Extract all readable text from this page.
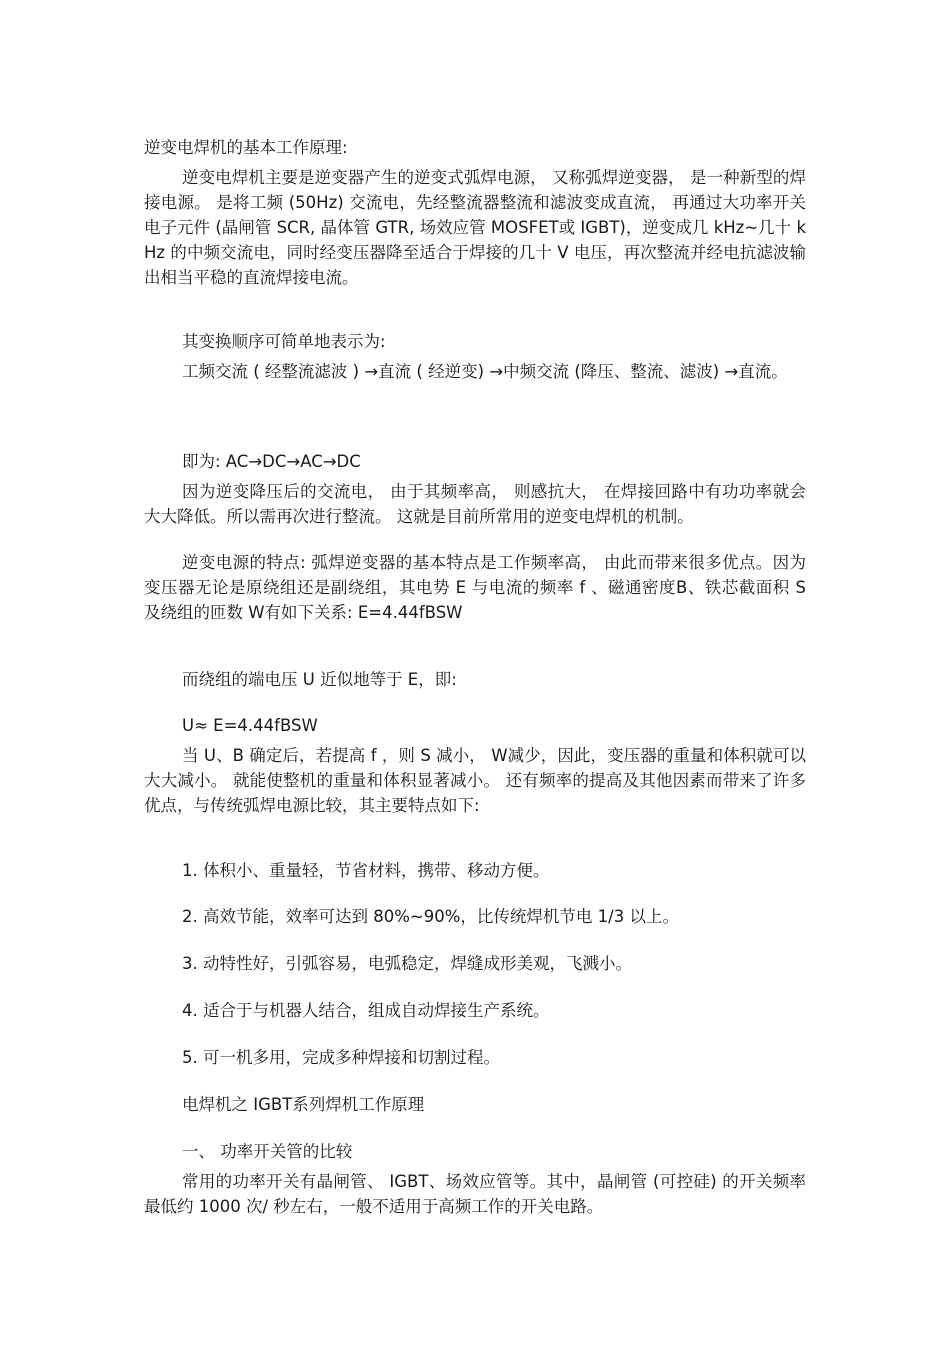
逆变电焊机的基本工作原理:

逆变电焊机主要是逆变器产生的逆变式弧焊电源， 又称弧焊逆变器， 是一种新型的焊接电源。 是将工频 (50Hz) 交流电，先经整流器整流和滤波变成直流， 再通过大功率开关电子元件 (晶闸管 SCR, 晶体管 GTR, 场效应管 MOSFET或 IGBT)，逆变成几 kHz~几十 kHz 的中频交流电，同时经变压器降至适合于焊接的几十 V 电压，再次整流并经电抗滤波输出相当平稳的直流焊接电流。

其变换顺序可简单地表示为:

工频交流 ( 经整流滤波 ) →直流 ( 经逆变) →中频交流 (降压、整流、滤波) →直流。

即为: AC→DC→AC→DC

因为逆变降压后的交流电， 由于其频率高， 则感抗大， 在焊接回路中有功功率就会大大降低。所以需再次进行整流。 这就是目前所常用的逆变电焊机的机制。

逆变电源的特点: 弧焊逆变器的基本特点是工作频率高， 由此而带来很多优点。因为变压器无论是原绕组还是副绕组，其电势 E 与电流的频率 f 、磁通密度B、铁芯截面积 S 及绕组的匝数 W有如下关系: E=4.44fBSW

而绕组的端电压 U 近似地等于 E，即:

U≈ E=4.44fBSW

当 U、B 确定后，若提高 f ，则 S 减小， W减少，因此，变压器的重量和体积就可以大大减小。 就能使整机的重量和体积显著减小。 还有频率的提高及其他因素而带来了许多优点，与传统弧焊电源比较，其主要特点如下:

1. 体积小、重量轻，节省材料，携带、移动方便。

2. 高效节能，效率可达到 80%~90%，比传统焊机节电 1/3 以上。

3. 动特性好，引弧容易，电弧稳定，焊缝成形美观，飞溅小。

4. 适合于与机器人结合，组成自动焊接生产系统。

5. 可一机多用，完成多种焊接和切割过程。

电焊机之 IGBT系列焊机工作原理

一、 功率开关管的比较

常用的功率开关有晶闸管、 IGBT、场效应管等。其中，晶闸管 (可控硅) 的开关频率最低约 1000 次/ 秒左右，一般不适用于高频工作的开关电路。
